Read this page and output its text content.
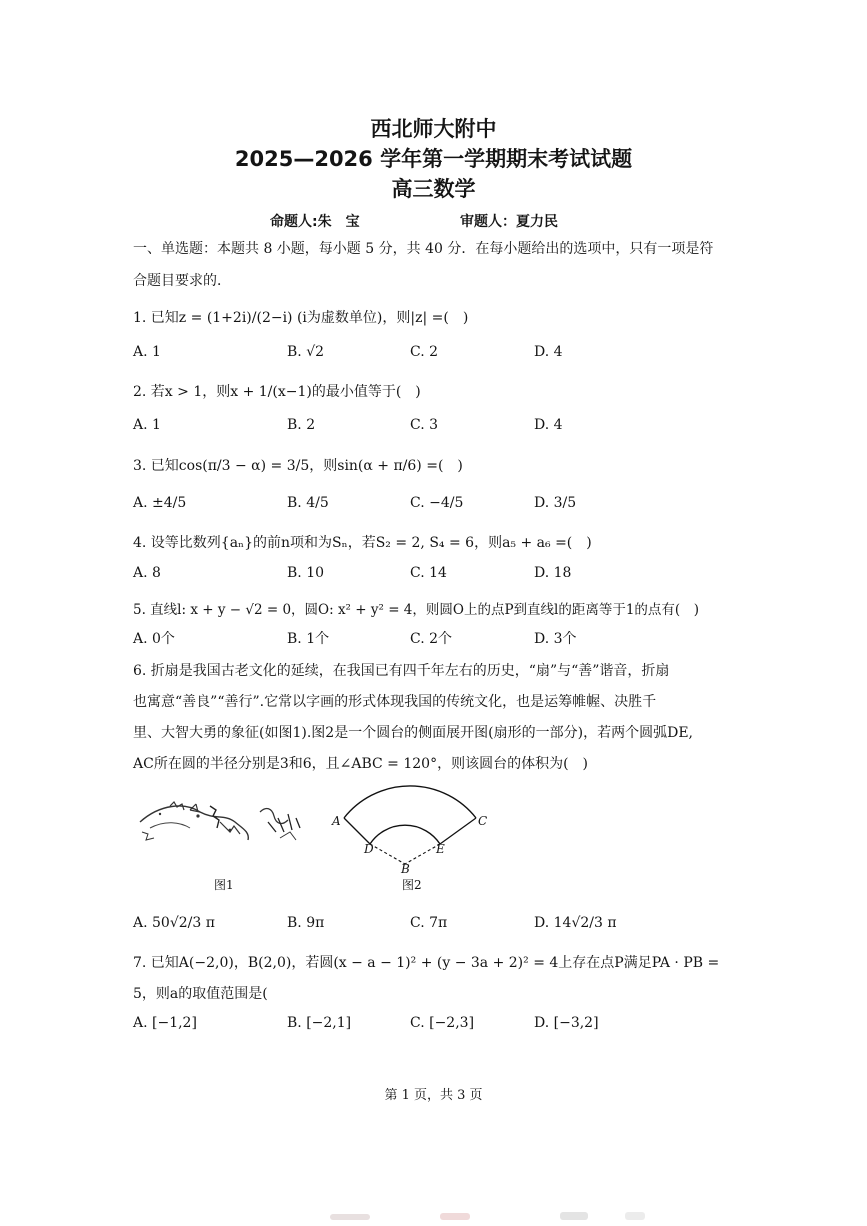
西北师大附中
2025—2026 学年第一学期期末考试试题
高三数学
命题人:朱　宝	审题人：夏力民
一、单选题：本题共 8 小题，每小题 5 分，共 40 分．在每小题给出的选项中，只有一项是符
合题目要求的．
1. 已知z = (1+2i)/(2−i) (i为虚数单位)，则|z| =(　)
A. 1	B. √2	C. 2	D. 4
2. 若x > 1，则x + 1/(x−1)的最小值等于(　)
A. 1	B. 2	C. 3	D. 4
3. 已知cos(π/3 − α) = 3/5，则sin(α + π/6) =(　)
A. ±4/5	B. 4/5	C. −4/5	D. 3/5
4. 设等比数列{aₙ}的前n项和为Sₙ，若S₂ = 2, S₄ = 6，则a₅ + a₆ =(　)
A. 8	B. 10	C. 14	D. 18
5. 直线l: x + y − √2 = 0，圆O: x² + y² = 4，则圆O上的点P到直线l的距离等于1的点有(　)
A. 0个	B. 1个	C. 2个	D. 3个
6. 折扇是我国古老文化的延续，在我国已有四千年左右的历史，“扇”与“善”谐音，折扇
也寓意“善良”“善行”.它常以字画的形式体现我国的传统文化，也是运筹帷幄、决胜千
里、大智大勇的象征(如图1).图2是一个圆台的侧面展开图(扇形的一部分)，若两个圆弧DE,
AC所在圆的半径分别是3和6，且∠ABC = 120°，则该圆台的体积为(　)
A	C
D	E
B
图1	图2
A. 50√2/3 π	B. 9π	C. 7π	D. 14√2/3 π
7. 已知A(−2,0)，B(2,0)，若圆(x − a − 1)² + (y − 3a + 2)² = 4上存在点P满足PA · PB =
5，则a的取值范围是(
A. [−1,2]	B. [−2,1]	C. [−2,3]	D. [−3,2]
第 1 页，共 3 页
